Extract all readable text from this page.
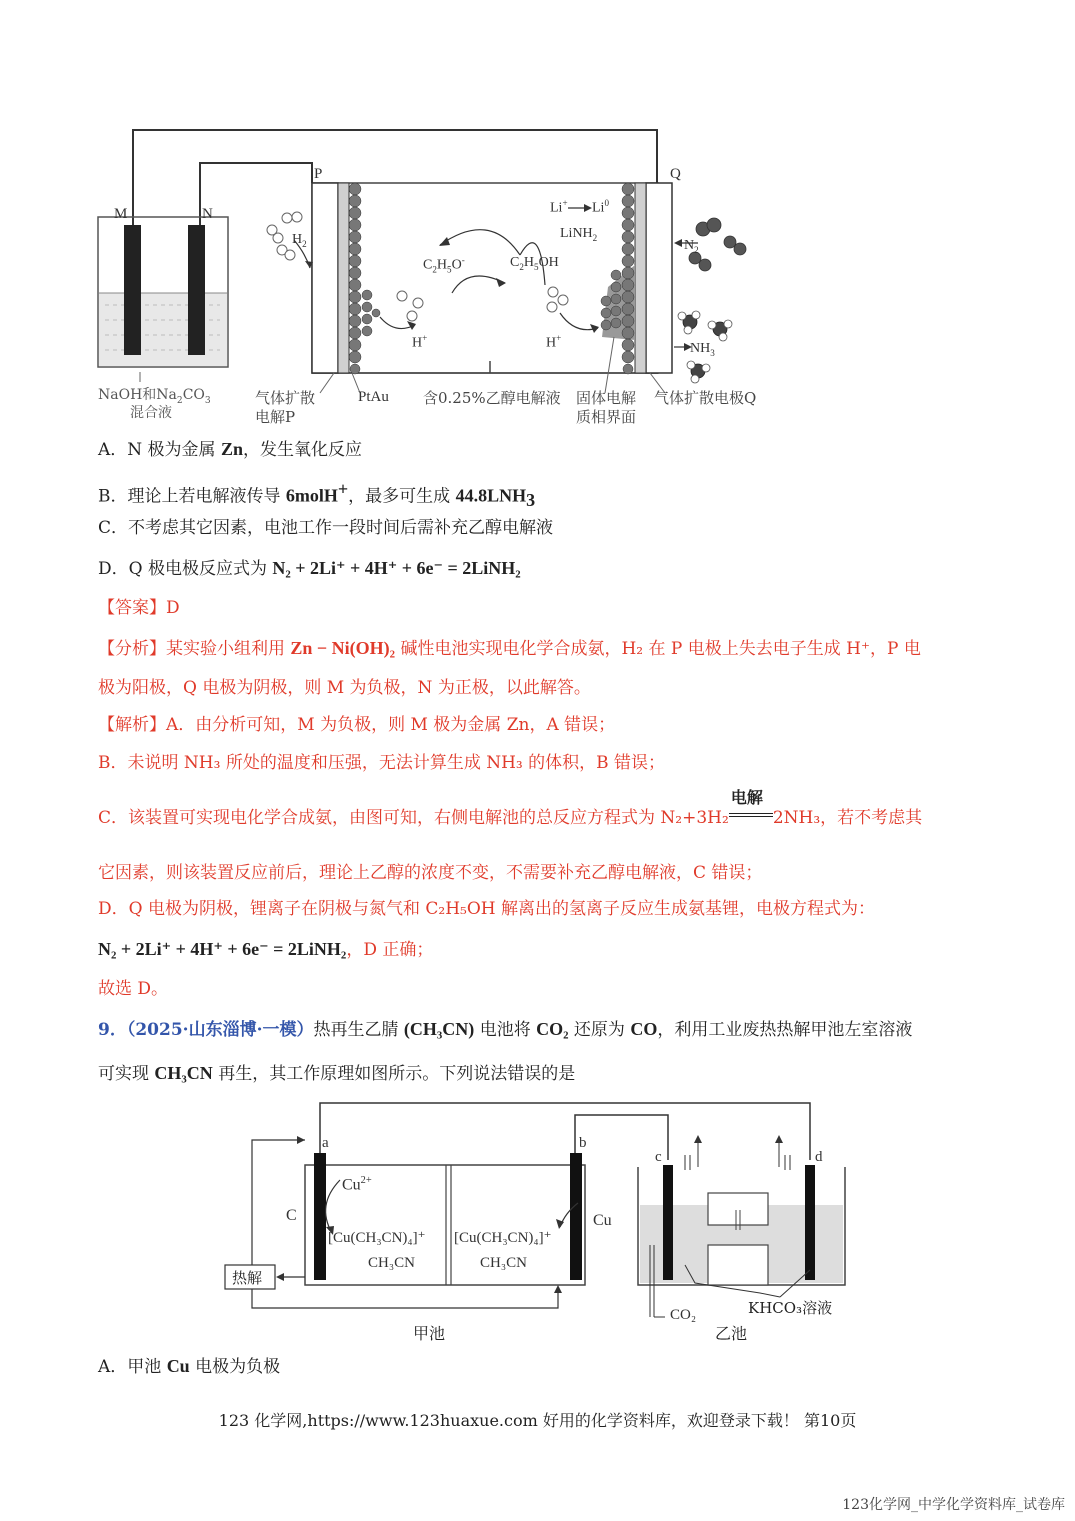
M	N
P	Q
$H_2$
$C_2H_5O^-$	$C_2H_5OH$
Li+ Li$^0$
LiNH$_2$
$N_2$
$NH_3$
H+	H+
NaOH和$Na_2CO_3$
混合液
气体扩散
电解P
PtAu 含0.25%乙醇电解液 固体电解
质相界面
气体扩散电极Q
A．N 极为金属 Zn，发生氧化反应
B．理论上若电解液传导 6molH+，最多可生成 $44.8LNH_3$
C．不考虑其它因素，电池工作一段时间后需补充乙醇电解液
D．Q 极电极反应式为 N₂ + 2Li⁺ + 4H⁺ + 6e⁻ = 2LiNH₂
【答案】D
【分析】某实验小组利用 Zn − Ni(OH)₂ 碱性电池实现电化学合成氨，H₂ 在 P 电极上失去电子生成 H⁺，P 电
极为阳极，Q 电极为阴极，则 M 为负极，N 为正极，以此解答。
【解析】A．由分析可知，M 为负极，则 M 极为金属 Zn，A 错误；
B．未说明 NH₃ 所处的温度和压强，无法计算生成 NH₃ 的体积，B 错误；
C．该装置可实现电化学合成氨，由图可知，右侧电解池的总反应方程式为 N₂+3H₂
电解
2NH₃，若不考虑其
它因素，则该装置反应前后，理论上乙醇的浓度不变，不需要补充乙醇电解液，C 错误；
D．Q 电极为阴极，锂离子在阴极与氮气和 C₂H₅OH 解离出的氢离子反应生成氨基锂，电极方程式为：
N₂ + 2Li⁺ + 4H⁺ + 6e⁻ = 2LiNH₂，D 正确；
故选 D。
9．（2025·山东淄博·一模）热再生乙腈 (CH₃CN) 电池将 CO₂ 还原为 CO，利用工业废热热解甲池左室溶液
可实现 CH₃CN 再生，其工作原理如图所示。下列说法错误的是
a	b
c	d
$Cu^{2+}$
C
[Cu(CH₃CN)₄]⁺
CH₃CN
[Cu(CH₃CN)₄]⁺
CH₃CN
Cu
热解
CO₂	KHCO₃溶液
甲池	乙池
A．甲池 Cu 电极为负极
123 化学网,https://www.123huaxue.com 好用的化学资料库，欢迎登录下载！ 第10页
123化学网_中学化学资料库_试卷库
